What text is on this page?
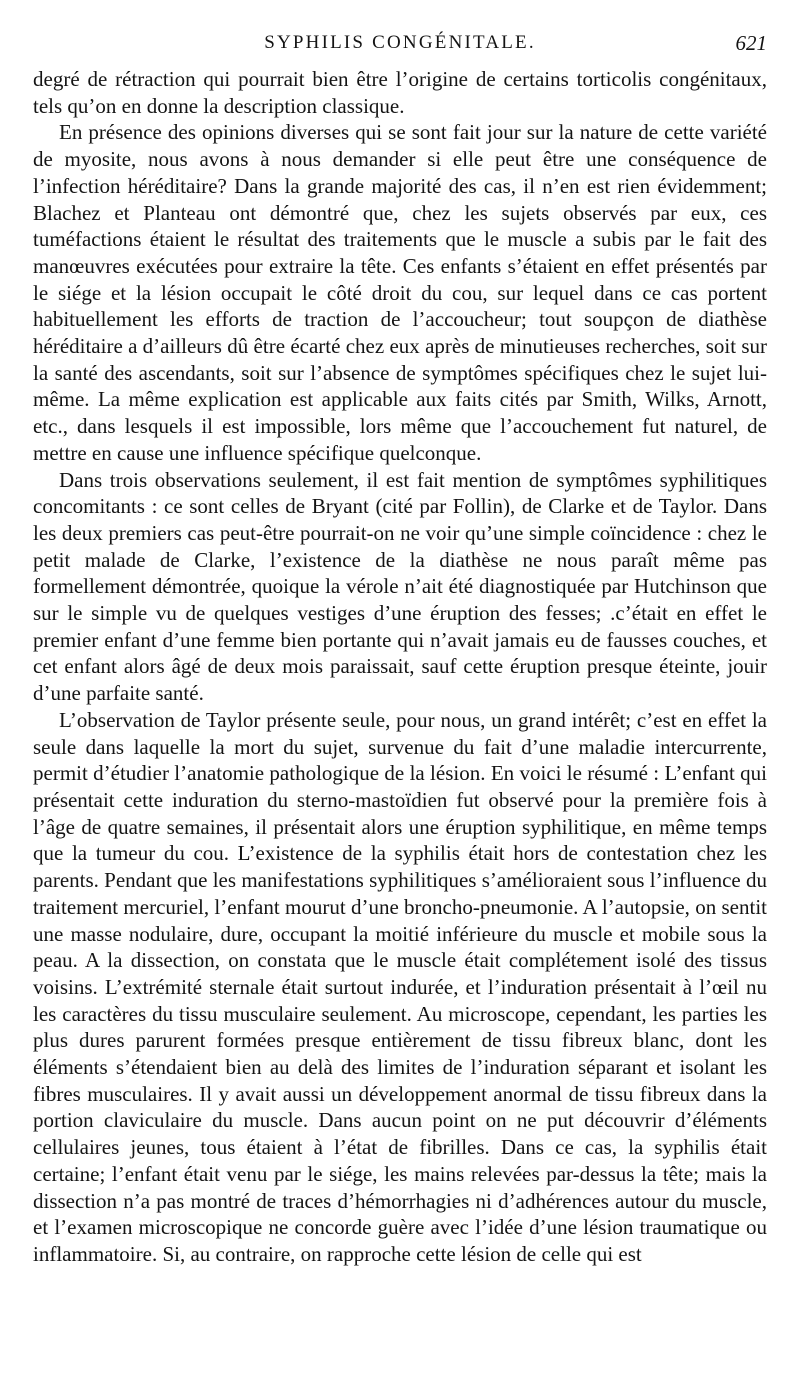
SYPHILIS CONGÉNITALE.	621

degré de rétraction qui pourrait bien être l’origine de certains torticolis congénitaux, tels qu’on en donne la description classique.

En présence des opinions diverses qui se sont fait jour sur la nature de cette variété de myosite, nous avons à nous demander si elle peut être une conséquence de l’infection héréditaire? Dans la grande majorité des cas, il n’en est rien évidemment; Blachez et Planteau ont démontré que, chez les sujets observés par eux, ces tuméfactions étaient le résultat des traitements que le muscle a subis par le fait des manœuvres exécutées pour extraire la tête. Ces enfants s’étaient en effet présentés par le siége et la lésion occupait le côté droit du cou, sur lequel dans ce cas portent habituellement les efforts de traction de l’accoucheur; tout soupçon de diathèse héréditaire a d’ailleurs dû être écarté chez eux après de minutieuses recherches, soit sur la santé des ascendants, soit sur l’absence de symptômes spécifiques chez le sujet lui-même. La même explication est applicable aux faits cités par Smith, Wilks, Arnott, etc., dans lesquels il est impossible, lors même que l’accouchement fut naturel, de mettre en cause une influence spécifique quelconque.

Dans trois observations seulement, il est fait mention de symptômes syphilitiques concomitants : ce sont celles de Bryant (cité par Follin), de Clarke et de Taylor. Dans les deux premiers cas peut-être pourrait-on ne voir qu’une simple coïncidence : chez le petit malade de Clarke, l’existence de la diathèse ne nous paraît même pas formellement démontrée, quoique la vérole n’ait été diagnostiquée par Hutchinson que sur le simple vu de quelques vestiges d’une éruption des fesses; .c’était en effet le premier enfant d’une femme bien portante qui n’avait jamais eu de fausses couches, et cet enfant alors âgé de deux mois paraissait, sauf cette éruption presque éteinte, jouir d’une parfaite santé.

L’observation de Taylor présente seule, pour nous, un grand intérêt; c’est en effet la seule dans laquelle la mort du sujet, survenue du fait d’une maladie intercurrente, permit d’étudier l’anatomie pathologique de la lésion. En voici le résumé : L’enfant qui présentait cette induration du sterno-mastoïdien fut observé pour la première fois à l’âge de quatre semaines, il présentait alors une éruption syphilitique, en même temps que la tumeur du cou. L’existence de la syphilis était hors de contestation chez les parents. Pendant que les manifestations syphilitiques s’amélioraient sous l’influence du traitement mercuriel, l’enfant mourut d’une broncho-pneumonie. A l’autopsie, on sentit une masse nodulaire, dure, occupant la moitié inférieure du muscle et mobile sous la peau. A la dissection, on constata que le muscle était complétement isolé des tissus voisins. L’extrémité sternale était surtout indurée, et l’induration présentait à l’œil nu les caractères du tissu musculaire seulement. Au microscope, cependant, les parties les plus dures parurent formées presque entièrement de tissu fibreux blanc, dont les éléments s’étendaient bien au delà des limites de l’induration séparant et isolant les fibres musculaires. Il y avait aussi un développement anormal de tissu fibreux dans la portion claviculaire du muscle. Dans aucun point on ne put découvrir d’éléments cellulaires jeunes, tous étaient à l’état de fibrilles. Dans ce cas, la syphilis était certaine; l’enfant était venu par le siége, les mains relevées par-dessus la tête; mais la dissection n’a pas montré de traces d’hémorrhagies ni d’adhérences autour du muscle, et l’examen microscopique ne concorde guère avec l’idée d’une lésion traumatique ou inflammatoire. Si, au contraire, on rapproche cette lésion de celle qui est
